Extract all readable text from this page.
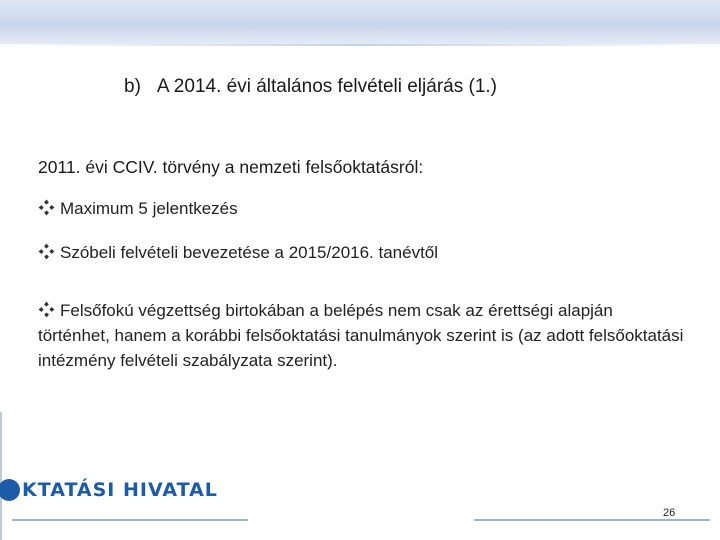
b) A 2014. évi általános felvételi eljárás (1.)

2011. évi CCIV. törvény a nemzeti felsőoktatásról:

Maximum 5 jelentkezés

Szóbeli felvételi bevezetése a 2015/2016. tanévtől

Felsőfokú végzettség birtokában a belépés nem csak az érettségi alapján történhet, hanem a korábbi felsőoktatási tanulmányok szerint is (az adott felsőoktatási intézmény felvételi szabályzata szerint).

KTATÁSI HIVATAL
26
